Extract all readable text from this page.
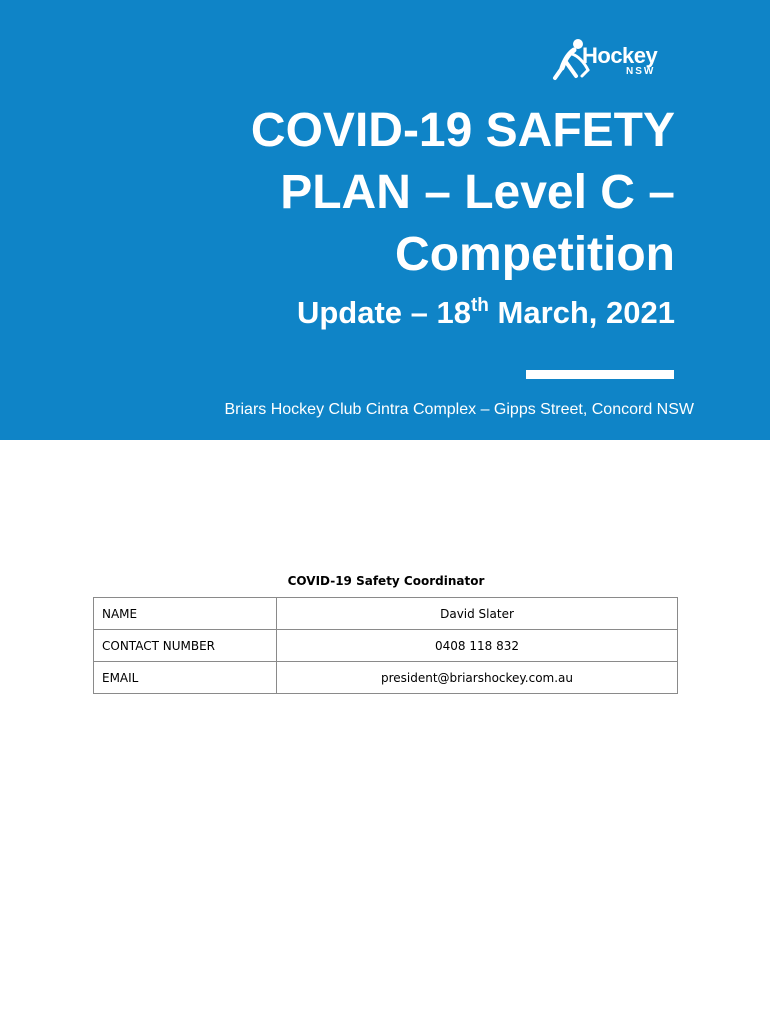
Hockey
NSW
COVID-19 SAFETY
PLAN – Level C –
Competition
Update – 18th March, 2021
Briars Hockey Club Cintra Complex – Gipps Street, Concord NSW
COVID-19 Safety Coordinator
NAME	David Slater
CONTACT NUMBER	0408 118 832
EMAIL	president@briarshockey.com.au
